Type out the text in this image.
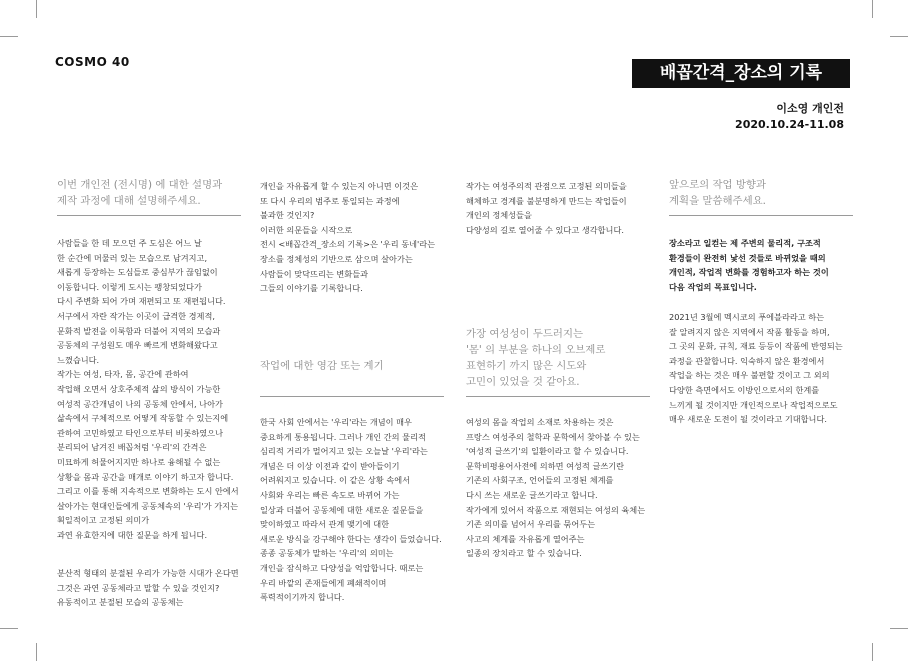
COSMO 40
배꼽간격_장소의 기록
이소영 개인전
2020.10.24-11.08

이번 개인전 (전시명) 에 대한 설명과
제작 과정에 대해 설명해주세요.

사람들을 한 데 모으던 주 도심은 어느 날
한 순간에 머물러 있는 모습으로 남겨지고,
새롭게 등장하는 도심들로 중심부가 끊임없이
이동합니다. 이렇게 도시는 팽창되었다가
다시 주변화 되어 가며 재편되고 또 재편됩니다.
서구에서 자란 작가는 이곳이 급격한 경제적,
문화적 발전을 이룩함과 더불어 지역의 모습과
공동체의 구성원도 매우 빠르게 변화해왔다고
느꼈습니다.
작가는 여성, 타자, 몸, 공간에 관하여
작업해 오면서 상호주체적 삶의 방식이 가능한
여성적 공간개념이 나의 공동체 안에서, 나아가
삶속에서 구체적으로 어떻게 작동할 수 있는지에
관하여 고민하였고 타인으로부터 비롯하였으나
분리되어 남겨진 배꼽처럼 '우리'의 간격은
미묘하게 허물어지지만 하나로 융해될 수 없는
상황을 몸과 공간을 매개로 이야기 하고자 합니다.
그리고 이를 통해 지속적으로 변화하는 도시 안에서
살아가는 현대인들에게 공동체속의 '우리'가 가지는
획일적이고 고정된 의미가
과연 유효한지에 대한 질문을 하게 됩니다.

분산적 형태의 분절된 우리가 가능한 시대가 온다면
그것은 과연 공동체라고 말할 수 있을 것인지?
유동적이고 분절된 모습의 공동체는

개인을 자유롭게 할 수 있는지 아니면 이것은
또 다시 우리의 범주로 통일되는 과정에
불과한 것인지?
이러한 의문들을 시작으로
전시 <배꼽간격_장소의 기록>은 '우리 동네'라는
장소를 정체성의 기반으로 삼으며 살아가는
사람들이 맞닥뜨리는 변화들과
그들의 이야기를 기록합니다.

작업에 대한 영감 또는 계기

한국 사회 안에서는 '우리'라는 개념이 매우
중요하게 통용됩니다. 그러나 개인 간의 물리적
심리적 거리가 멀어지고 있는 오늘날 '우리'라는
개념은 더 이상 이전과 같이 받아들이기
어려워지고 있습니다. 이 같은 상황 속에서
사회와 우리는 빠른 속도로 바뀌어 가는
일상과 더불어 공동체에 대한 새로운 질문들을
맞이하였고 따라서 관계 맺기에 대한
새로운 방식을 강구해야 한다는 생각이 들었습니다.
종종 공동체가 말하는 '우리'의 의미는
개인을 잠식하고 다양성을 억압합니다. 때로는
우리 바깥의 존재들에게 폐쇄적이며
폭력적이기까지 합니다.

작가는 여성주의적 관점으로 고정된 의미들을
해체하고 경계를 불분명하게 만드는 작업들이
개인의 정체성들을
다양성의 길로 열어줄 수 있다고 생각합니다.

가장 여성성이 두드러지는
'몸' 의 부분을 하나의 오브제로
표현하기 까지 많은 시도와
고민이 있었을 것 같아요.

여성의 몸을 작업의 소재로 차용하는 것은
프랑스 여성주의 철학과 문학에서 찾아볼 수 있는
'여성적 글쓰기'의 일환이라고 할 수 있습니다.
문학비평용어사전에 의하면 여성적 글쓰기란
기존의 사회구조, 언어들의 고정된 체계를
다시 쓰는 새로운 글쓰기라고 합니다.
작가에게 있어서 작품으로 재현되는 여성의 육체는
기존 의미를 넘어서 우리를 묶어두는
사고의 체계를 자유롭게 열어주는
일종의 장치라고 할 수 있습니다.

앞으로의 작업 방향과
계획을 말씀해주세요.

장소라고 일컫는 제 주변의 물리적, 구조적
환경들이 완전히 낯선 것들로 바뀌었을 때의
개인적, 작업적 변화를 경험하고자 하는 것이
다음 작업의 목표입니다.

2021년 3월에 멕시코의 푸에블라라고 하는
잘 알려지지 않은 지역에서 작품 활동을 하며,
그 곳의 문화, 규칙, 재료 등등이 작품에 반영되는
과정을 관찰합니다. 익숙하지 않은 환경에서
작업을 하는 것은 매우 불편할 것이고 그 외의
다양한 측면에서도 이방인으로서의 한계를
느끼게 될 것이지만 개인적으로나 작업적으로도
매우 새로운 도전이 될 것이라고 기대합니다.
